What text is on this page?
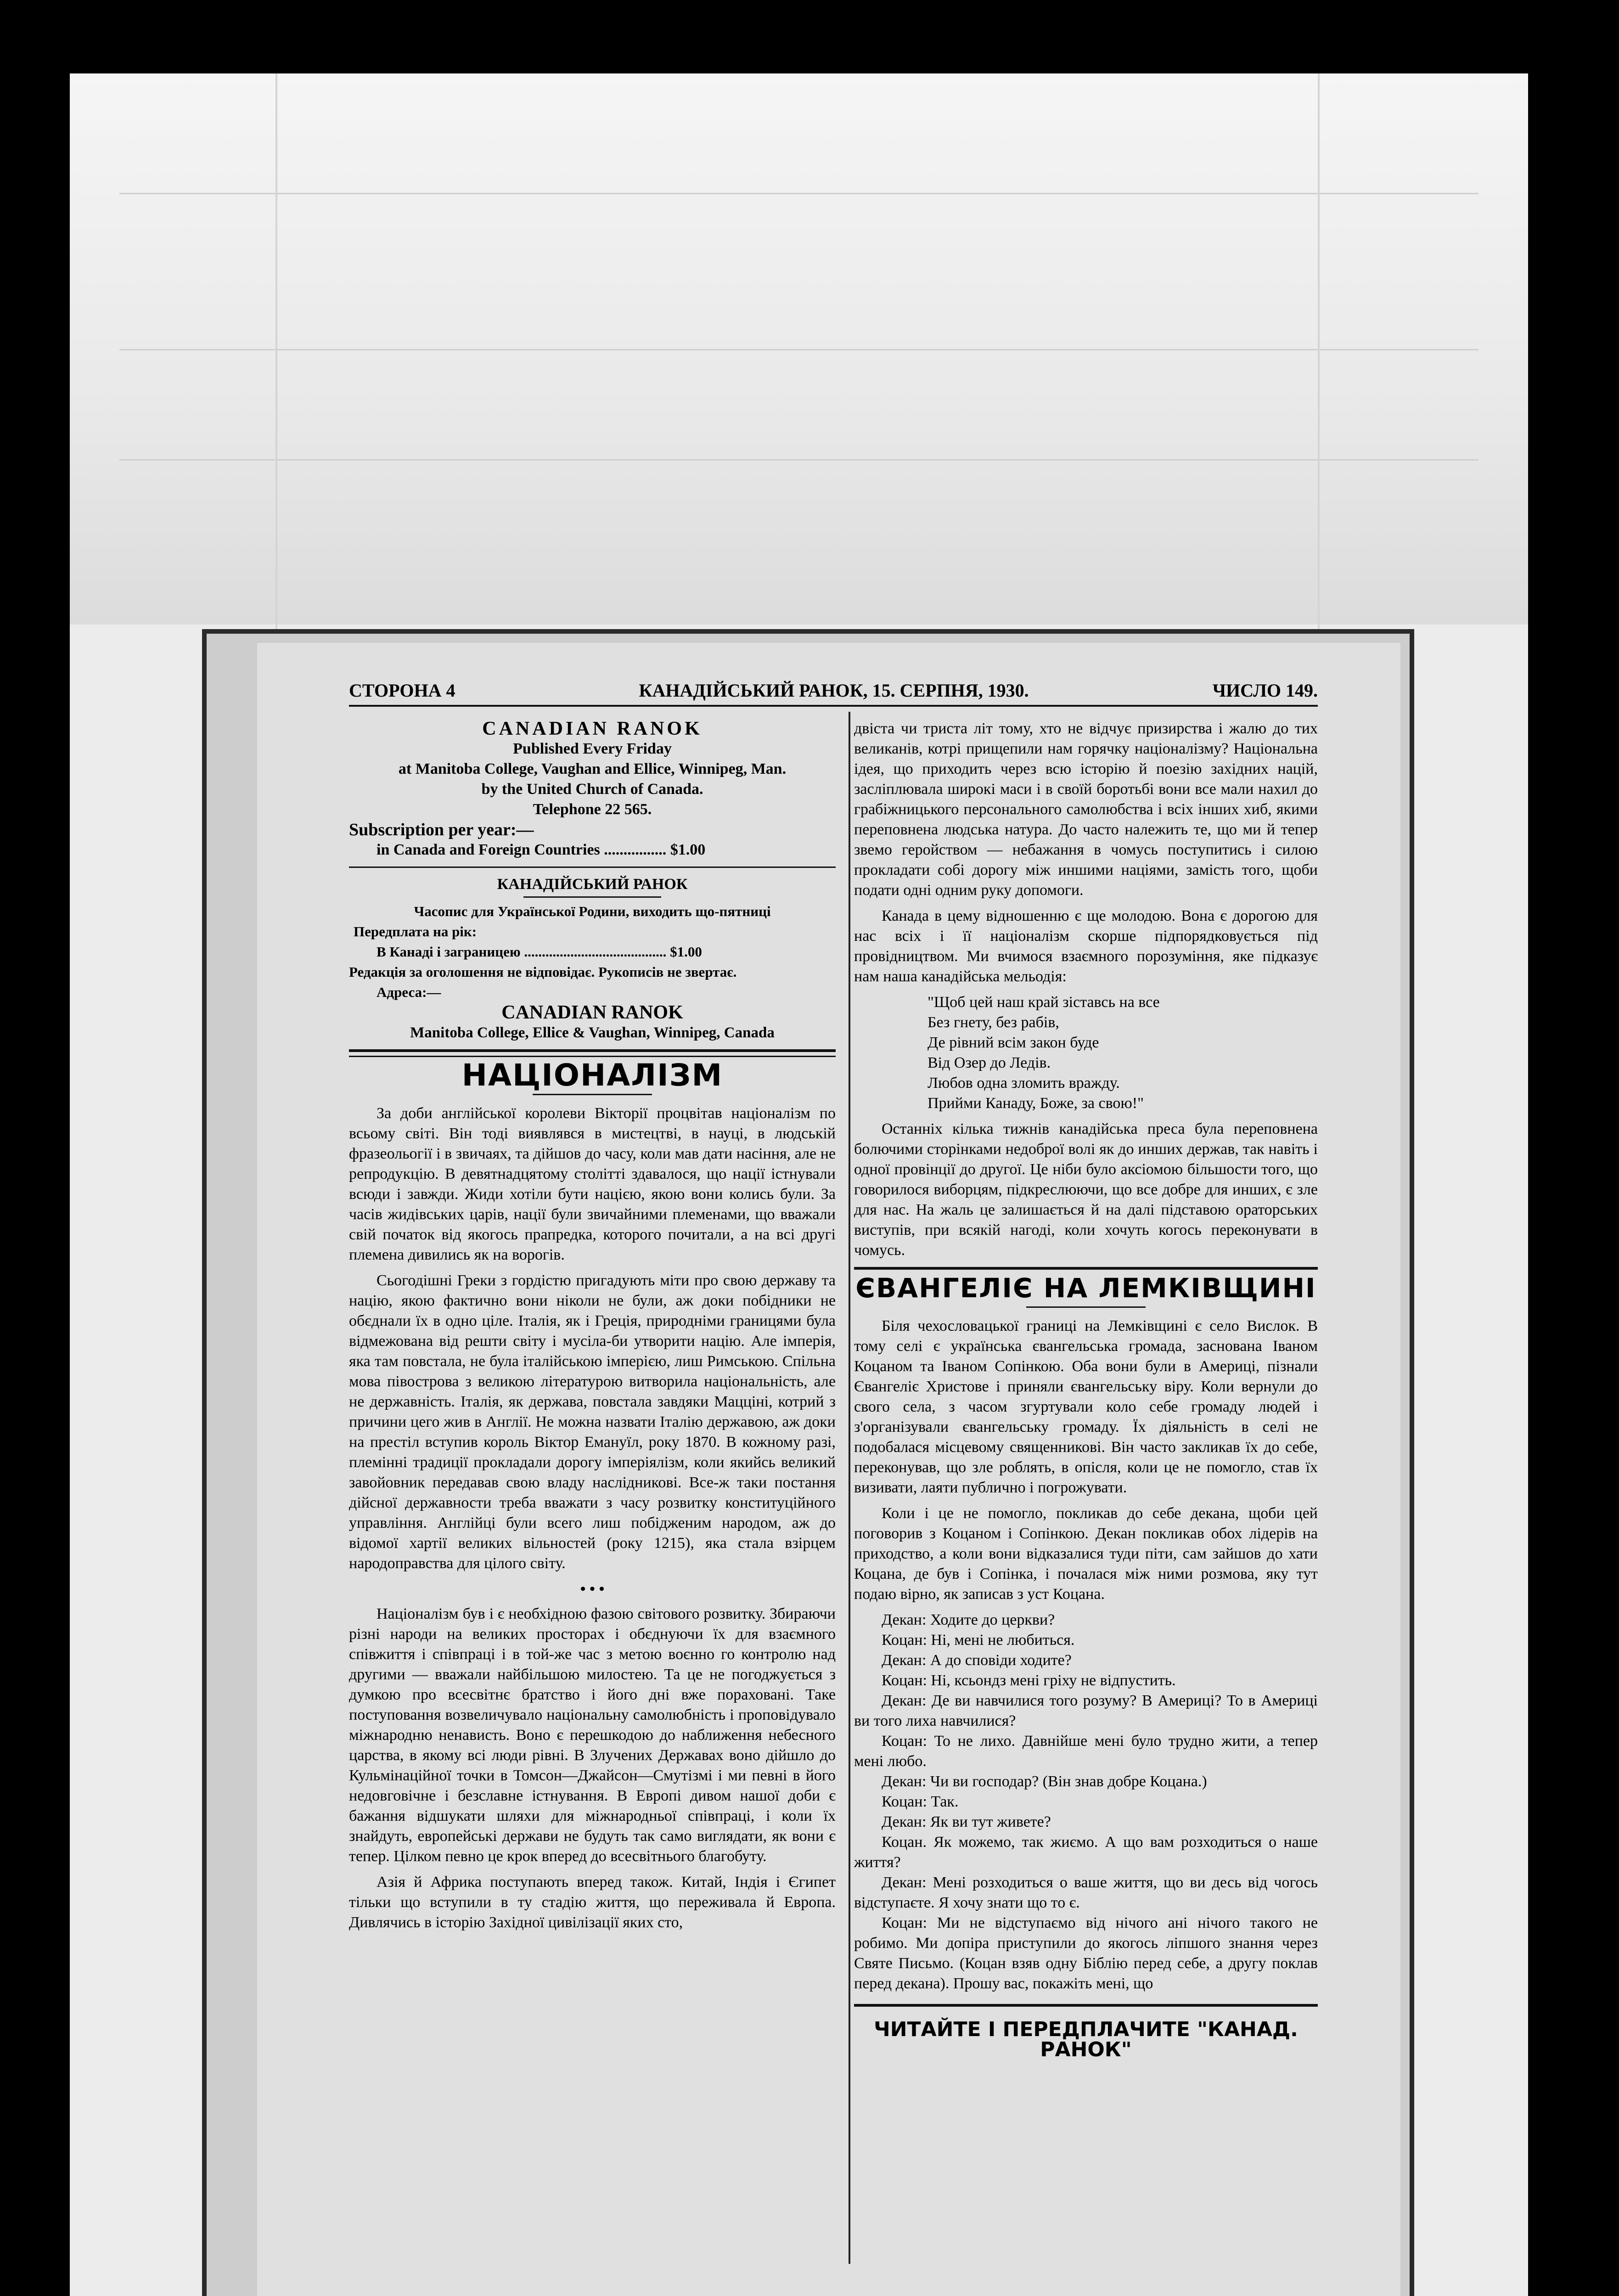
СТОРОНА 4	КАНАДІЙСЬКИЙ РАНОК, 15. СЕРПНЯ, 1930.	ЧИСЛО 149.
CANADIAN RANOK
Published Every Friday
at Manitoba College, Vaughan and Ellice, Winnipeg, Man.
by the United Church of Canada.
Telephone 22 565.
Subscription per year:—
in Canada and Foreign Countries ................ $1.00
КАНАДІЙСЬКИЙ РАНОК
Часопис для Української Родини, виходить що-пятниці
Передплата на рік:
В Канаді і заграницею ........................................ $1.00
Редакція за оголошення не відповідає. Рукописів не звертає.
Адреса:—
CANADIAN RANOK
Manitoba College, Ellice & Vaughan, Winnipeg, Canada
НАЦІОНАЛІЗМ

За доби англійської королеви Вікторії процвітав націоналізм по всьому світі. Він тоді виявлявся в мистецтві, в науці, в людській фразеольогії і в звичаях, та дійшов до часу, коли мав дати насіння, але не репродукцію. В девятнадцятому столітті здавалося, що нації істнували всюди і завжди. Жиди хотіли бути нацією, якою вони колись були. За часів жидівських царів, нації були звичайними племенами, що вважали свій початок від якогось прапредка, которого почитали, а на всі другі племена дивились як на ворогів.

Сьогодішні Греки з гордістю пригадують міти про свою державу та націю, якою фактично вони ніколи не були, аж доки побідники не обєднали їх в одно ціле. Італія, як і Греція, природніми границями була відмежована від решти світу і мусіла-би утворити націю. Але імперія, яка там повстала, не була італійською імперією, лиш Римською. Спільна мова півострова з великою літературою витворила національність, але не державність. Італія, як держава, повстала завдяки Мацціні, котрий з причини цего жив в Англії. Не можна назвати Італію державою, аж доки на престіл вступив король Віктор Емануїл, року 1870. В кожному разі, племінні традиції прокладали дорогу імперіялізм, коли якийсь великий завойовник передавав свою владу наслідникові. Все-ж таки постання дійсної державности треба вважати з часу розвитку конституційного управління. Англійці були всего лиш побідженим народом, аж до відомої хартії великих вільностей (року 1215), яка стала взірцем народоправства для цілого світу.

• • •

Націоналізм був і є необхідною фазою світового розвитку. Збираючи різні народи на великих просторах і обєднуючи їх для взаємного співжиття і співпраці і в той-же час з метою воєнно го контролю над другими — вважали найбільшою милостею. Та це не погоджується з думкою про всесвітнє братство і його дні вже пораховані. Таке поступовання возвеличувало національну самолюбність і проповідувало міжнародню ненависть. Воно є перешкодою до наближення небесного царства, в якому всі люди рівні. В Злучених Державах воно дійшло до Кульмінаційної точки в Томсон—Джайсон—Смутізмі і ми певні в його недовговічне і безславне істнування. В Европі дивом нашої доби є бажання відшукати шляхи для міжнародньої співпраці, і коли їх знайдуть, европейські держави не будуть так само виглядати, як вони є тепер. Цілком певно це крок вперед до всесвітнього благобуту.

Азія й Африка поступають вперед також. Китай, Індія і Єгипет тільки що вступили в ту стадію життя, що переживала й Европа. Дивлячись в історію Західної цивілізації яких сто,

двіста чи триста літ тому, хто не відчує призирства і жалю до тих великанів, котрі прищепили нам горячку націоналізму? Національна ідея, що приходить через всю історію й поезію західних націй, засліплювала широкі маси і в своїй боротьбі вони все мали нахил до грабіжницького персонального самолюбства і всіх інших хиб, якими переповнена людська натура. До часто належить те, що ми й тепер звемо геройством — небажання в чомусь поступитись і силою прокладати собі дорогу між иншими націями, замість того, щоби подати одні одним руку допомоги.

Канада в цему відношенню є ще молодою. Вона є дорогою для нас всіх і її націоналізм скорше підпорядковується під провідництвом. Ми вчимося взаємного порозуміння, яке підказує нам наша канадійська мельодія:

"Щоб цей наш край зіставсь на все
Без гнету, без рабів,
Де рівний всім закон буде
Від Озер до Ледів.
Любов одна зломить вражду.
Прийми Канаду, Боже, за свою!"

Останніх кілька тижнів канадійська преса була переповнена болючими сторінками недоброї волі як до инших держав, так навіть і одної провінції до другої. Це ніби було аксіомою більшости того, що говорилося виборцям, підкреслюючи, що все добре для инших, є зле для нас. На жаль це залишається й на далі підставою ораторських виступів, при всякій нагоді, коли хочуть когось переконувати в чомусь.

ЄВАНГЕЛІЄ НА ЛЕМКІВЩИНІ

Біля чехословацької границі на Лемківщині є село Вислок. В тому селі є українська євангельська громада, заснована Іваном Коцаном та Іваном Сопінкою. Оба вони були в Америці, пізнали Євангеліє Христове і приняли євангельську віру. Коли вернули до свого села, з часом згуртували коло себе громаду людей і з'організували євангельську громаду. Їх діяльність в селі не подобалася місцевому священникові. Він часто закликав їх до себе, переконував, що зле роблять, в опісля, коли це не помогло, став їх визивати, лаяти публично і погрожувати.

Коли і це не помогло, покликав до себе декана, щоби цей поговорив з Коцаном і Сопінкою. Декан покликав обох лідерів на приходство, а коли вони відказалися туди піти, сам зайшов до хати Коцана, де був і Сопінка, і почалася між ними розмова, яку тут подаю вірно, як записав з уст Коцана.

Декан: Ходите до церкви?
Коцан: Ні, мені не любиться.
Декан: А до сповіди ходите?
Коцан: Ні, ксьондз мені гріху не відпустить.
Декан: Де ви навчилися того розуму? В Америці? То в Америці ви того лиха навчилися?
Коцан: То не лихо. Давнійше мені було трудно жити, а тепер мені любо.
Декан: Чи ви господар? (Він знав добре Коцана.)
Коцан: Так.
Декан: Як ви тут живете?
Коцан. Як можемо, так жиємо. А що вам розходиться о наше життя?
Декан: Мені розходиться о ваше життя, що ви десь від чогось відступаєте. Я хочу знати що то є.
Коцан: Ми не відступаємо від нічого ані нічого такого не робимо. Ми допіра приступили до якогось ліпшого знання через Святе Письмо. (Коцан взяв одну Біблію перед себе, а другу поклав перед декана). Прошу вас, покажіть мені, що
ЧИТАЙТЕ І ПЕРЕДПЛАЧИТЕ "КАНАД. РАНОК"
